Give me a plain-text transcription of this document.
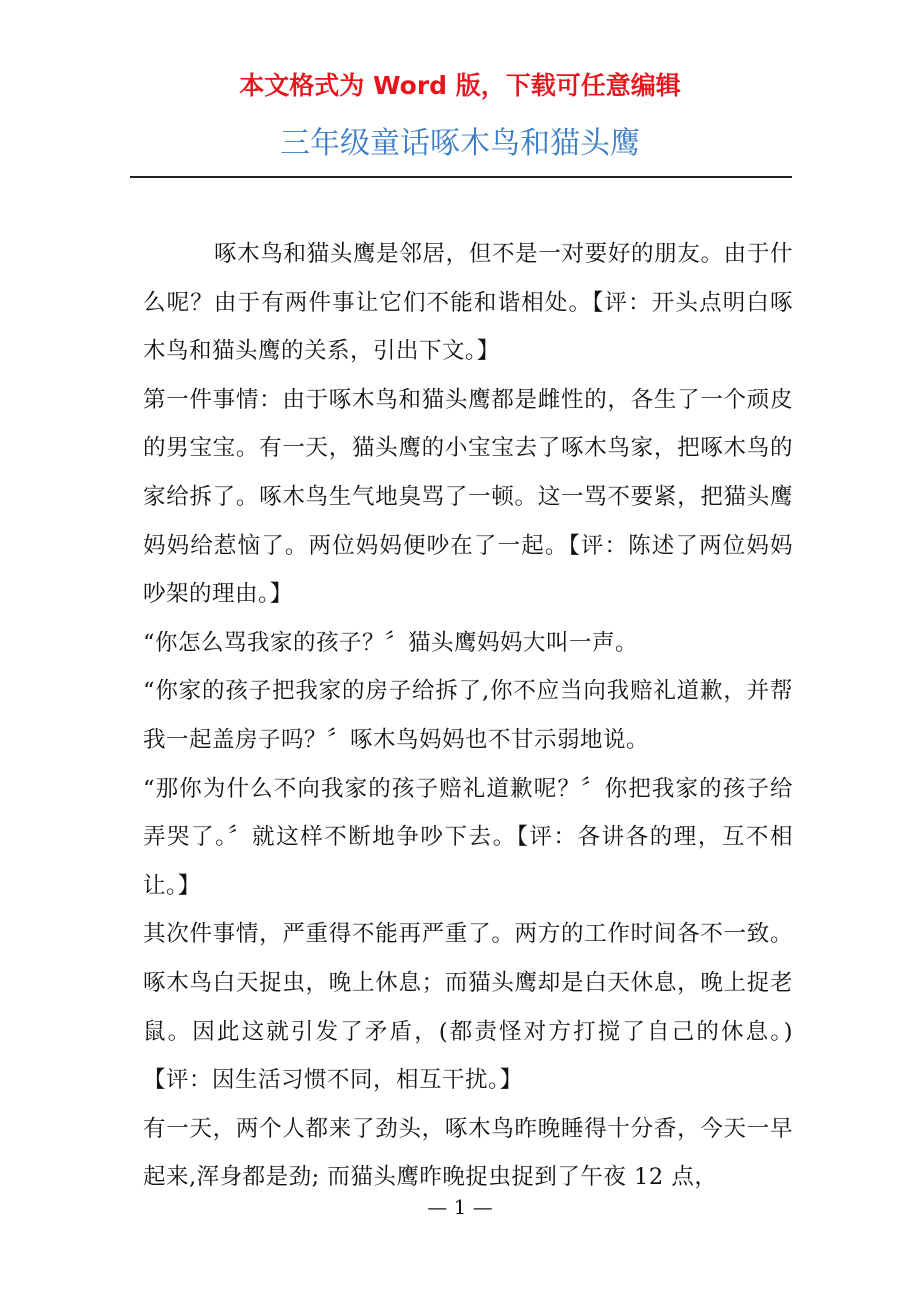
本文格式为 Word 版，下载可任意编辑
三年级童话啄木鸟和猫头鹰

啄木鸟和猫头鹰是邻居，但不是一对要好的朋友。由于什么呢？由于有两件事让它们不能和谐相处。【评：开头点明白啄木鸟和猫头鹰的关系，引出下文。】

第一件事情：由于啄木鸟和猫头鹰都是雌性的，各生了一个顽皮的男宝宝。有一天，猫头鹰的小宝宝去了啄木鸟家，把啄木鸟的家给拆了。啄木鸟生气地臭骂了一顿。这一骂不要紧，把猫头鹰妈妈给惹恼了。两位妈妈便吵在了一起。【评：陈述了两位妈妈吵架的理由。】

“你怎么骂我家的孩子？〞猫头鹰妈妈大叫一声。

“你家的孩子把我家的房子给拆了,你不应当向我赔礼道歉，并帮我一起盖房子吗？〞啄木鸟妈妈也不甘示弱地说。

“那你为什么不向我家的孩子赔礼道歉呢？〞你把我家的孩子给弄哭了。〞就这样不断地争吵下去。【评：各讲各的理，互不相让。】

其次件事情，严重得不能再严重了。两方的工作时间各不一致。啄木鸟白天捉虫，晚上休息；而猫头鹰却是白天休息，晚上捉老鼠。因此这就引发了矛盾，(都责怪对方打搅了自己的休息。)【评：因生活习惯不同，相互干扰。】

有一天，两个人都来了劲头，啄木鸟昨晚睡得十分香，今天一早起来,浑身都是劲; 而猫头鹰昨晚捉虫捉到了午夜 12 点，

— 1 —
